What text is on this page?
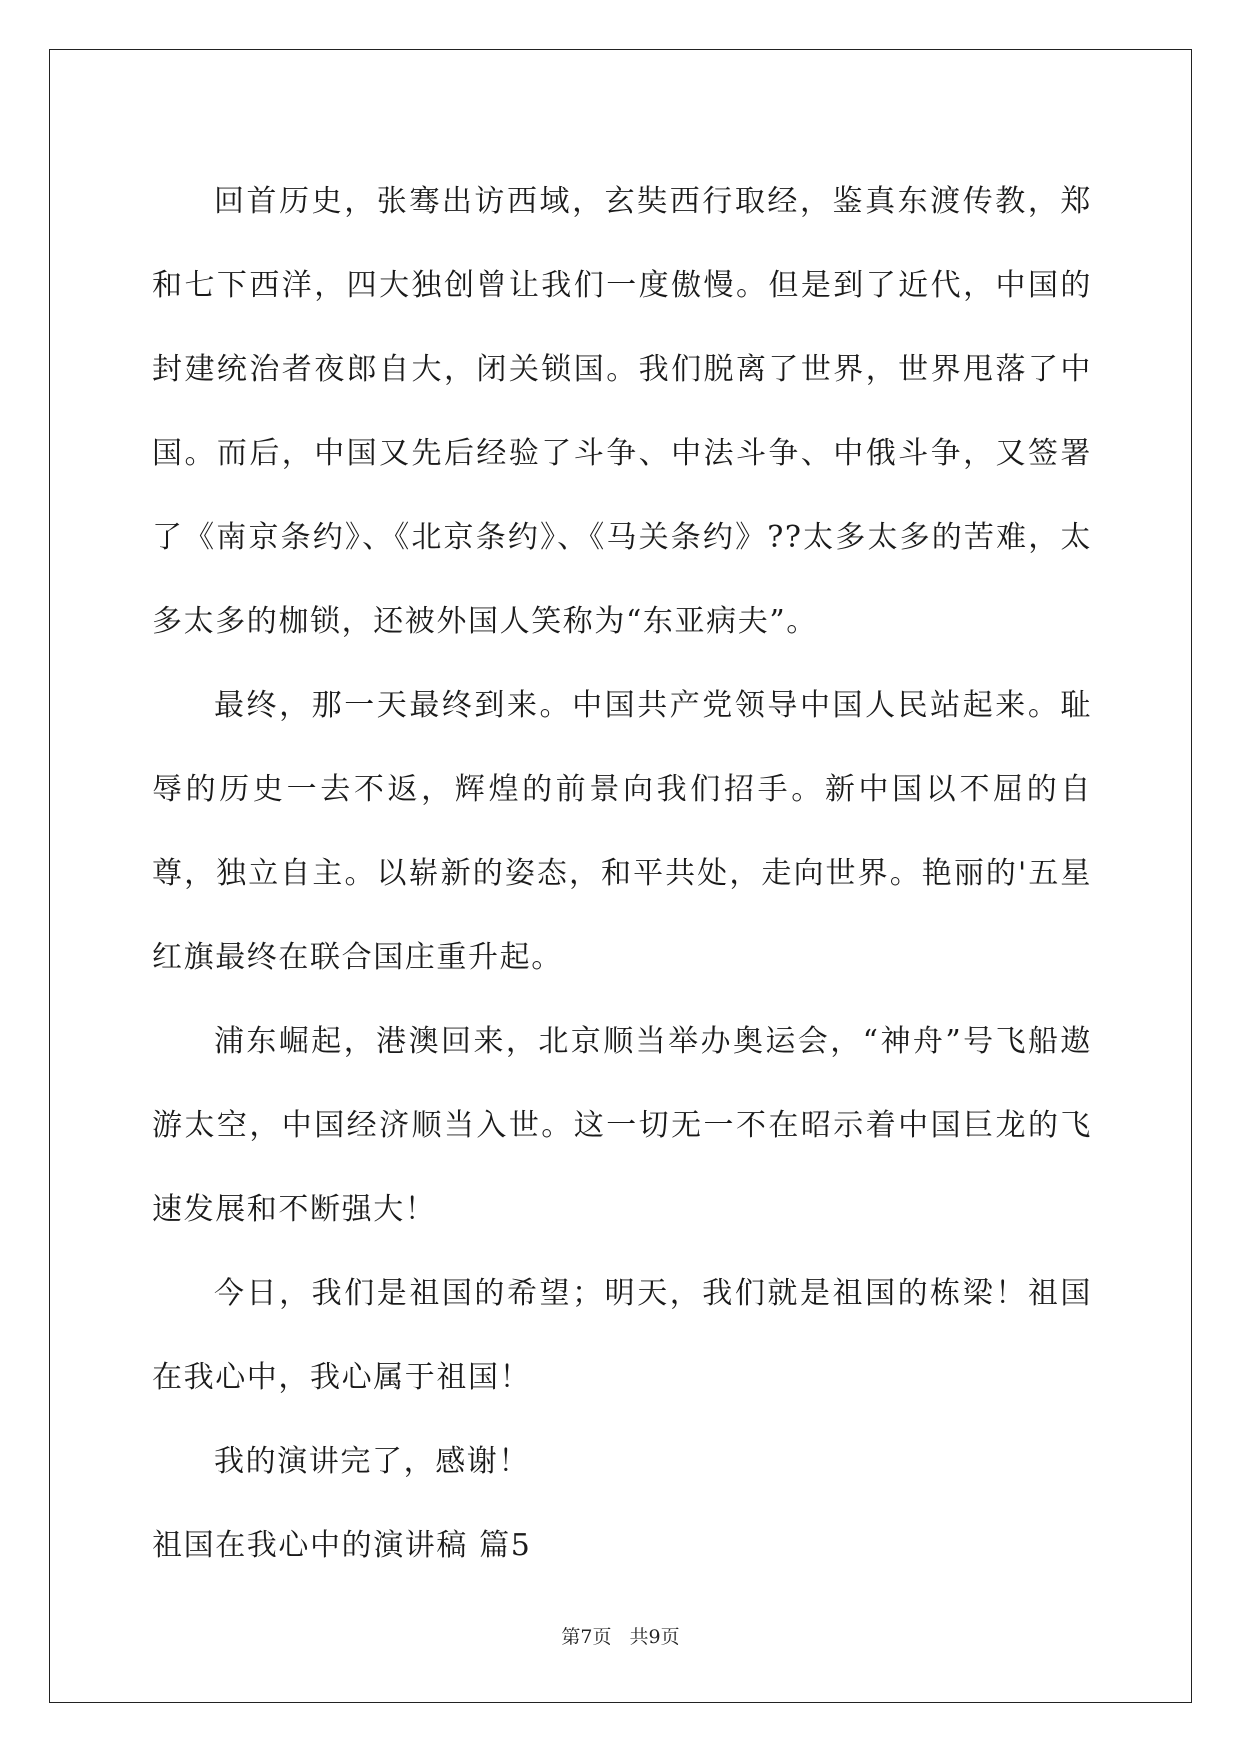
回首历史，张骞出访西域，玄奘西行取经，鉴真东渡传教，郑和七下西洋，四大独创曾让我们一度傲慢。但是到了近代，中国的封建统治者夜郎自大，闭关锁国。我们脱离了世界，世界甩落了中国。而后，中国又先后经验了斗争、中法斗争、中俄斗争，又签署了《南京条约》、《北京条约》、《马关条约》??太多太多的苦难，太多太多的枷锁，还被外国人笑称为“东亚病夫”。

最终，那一天最终到来。中国共产党领导中国人民站起来。耻辱的历史一去不返，辉煌的前景向我们招手。新中国以不屈的自尊，独立自主。以崭新的姿态，和平共处，走向世界。艳丽的'五星红旗最终在联合国庄重升起。

浦东崛起，港澳回来，北京顺当举办奥运会，“神舟”号飞船遨游太空，中国经济顺当入世。这一切无一不在昭示着中国巨龙的飞速发展和不断强大！

今日，我们是祖国的希望；明天，我们就是祖国的栋梁！祖国在我心中，我心属于祖国！

我的演讲完了，感谢！

祖国在我心中的演讲稿 篇5

第7页 共9页
